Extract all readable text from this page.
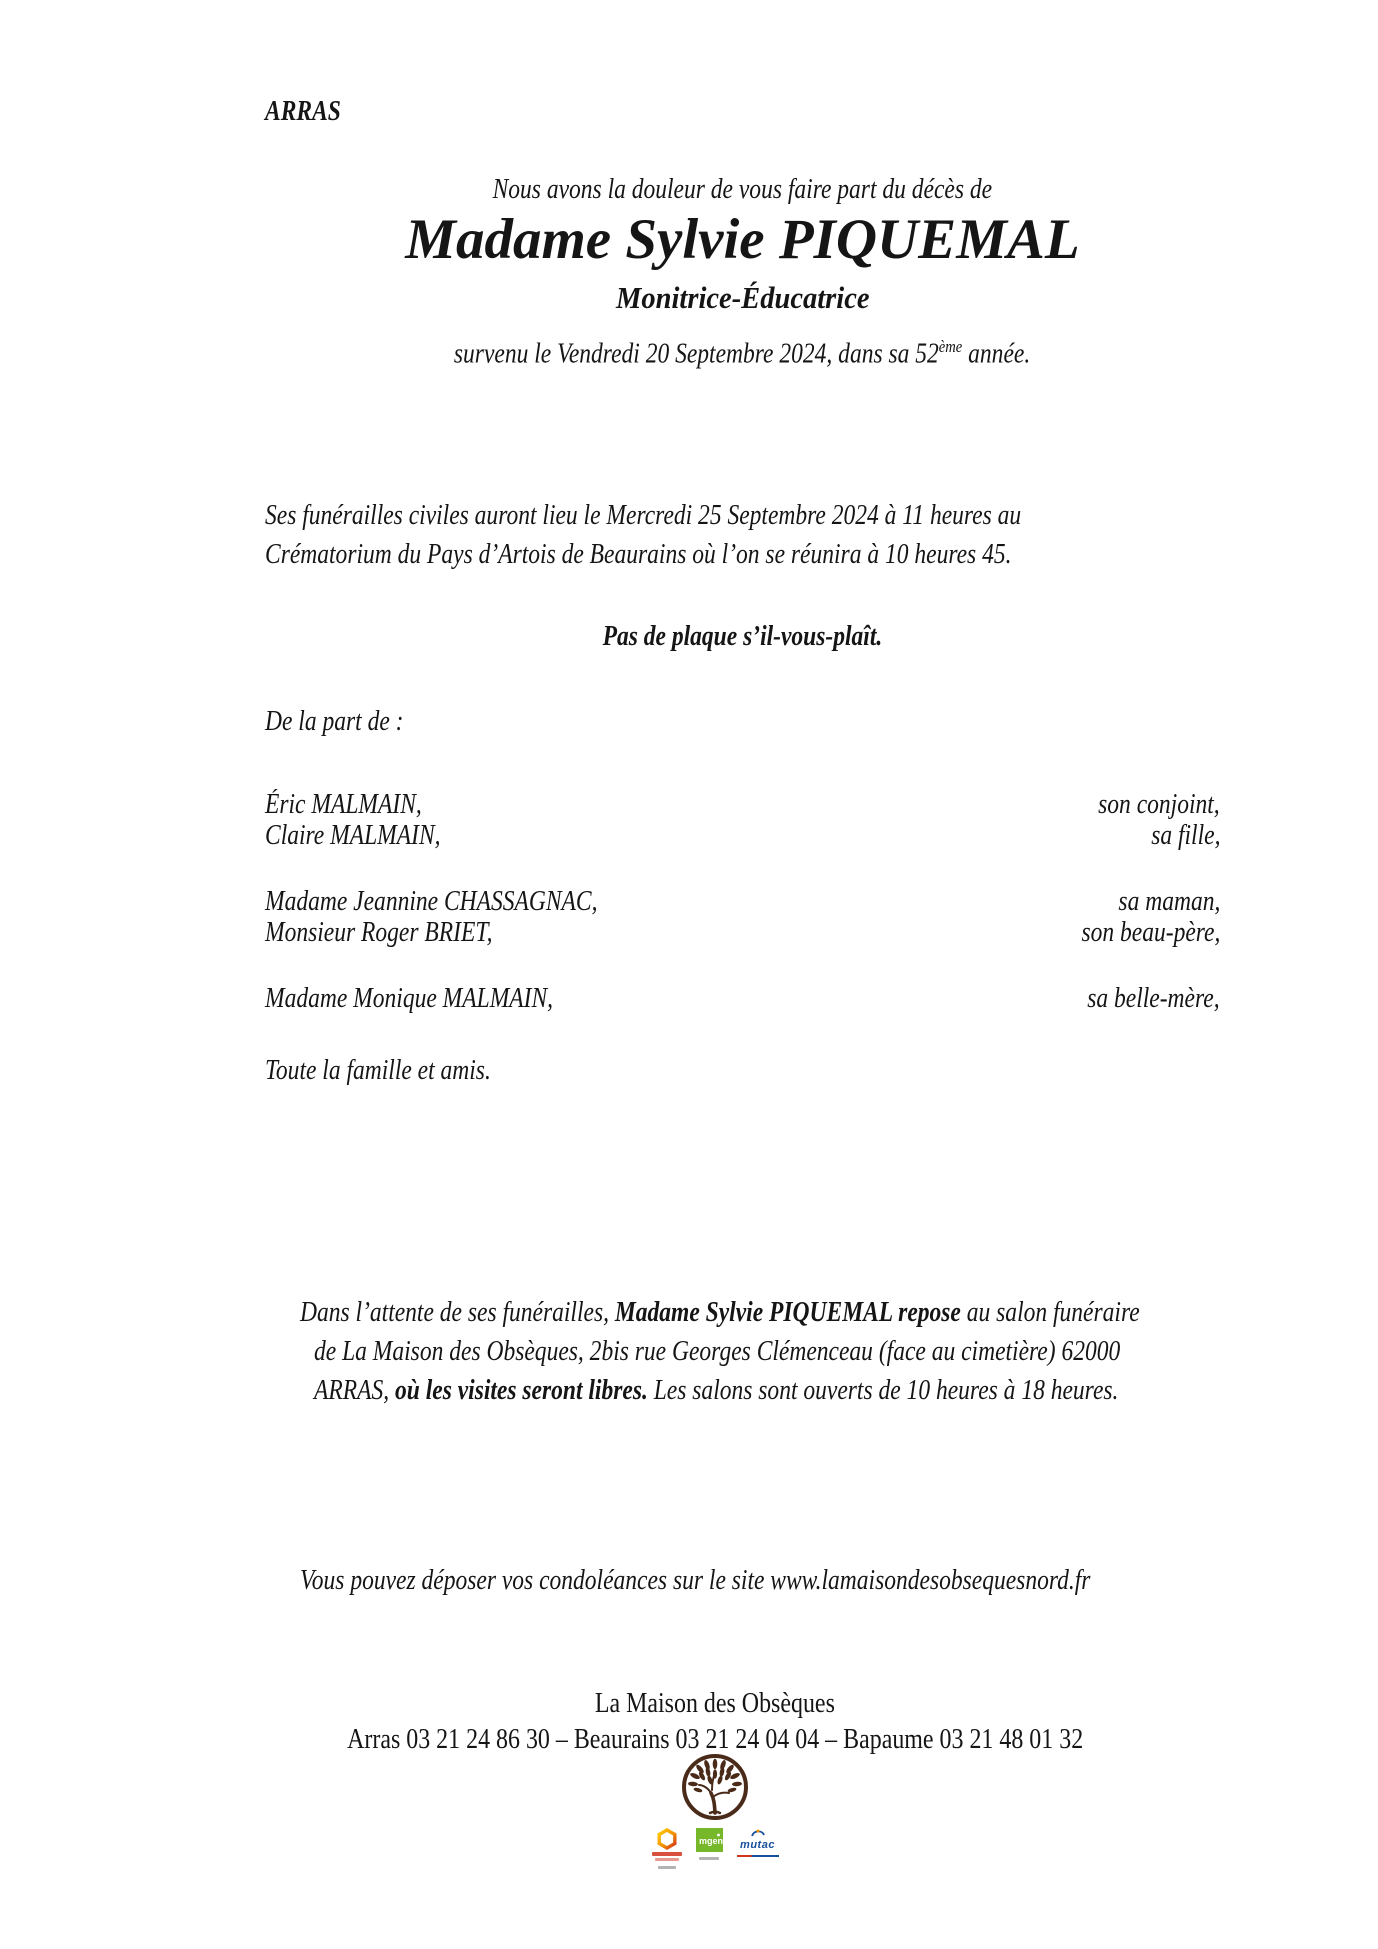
ARRAS
Nous avons la douleur de vous faire part du décès de
Madame Sylvie PIQUEMAL
Monitrice-Éducatrice
survenu le Vendredi 20 Septembre 2024, dans sa 52ème année.
Ses funérailles civiles auront lieu le Mercredi 25 Septembre 2024 à 11 heures au Crématorium du Pays d’Artois de Beaurains où l’on se réunira à 10 heures 45.
Pas de plaque s’il-vous-plaît.
De la part de :
Éric MALMAIN,	son conjoint,
Claire MALMAIN,	sa fille,
Madame Jeannine CHASSAGNAC,	sa maman,
Monsieur Roger BRIET,	son beau-père,
Madame Monique MALMAIN,	sa belle-mère,
Toute la famille et amis.
Dans l’attente de ses funérailles, Madame Sylvie PIQUEMAL repose au salon funéraire de La Maison des Obsèques, 2bis rue Georges Clémenceau (face au cimetière) 62000 ARRAS, où les visites seront libres. Les salons sont ouverts de 10 heures à 18 heures.
Vous pouvez déposer vos condoléances sur le site www.lamaisondesobsequesnord.fr
La Maison des Obsèques
Arras 03 21 24 86 30 – Beaurains 03 21 24 04 04 – Bapaume 03 21 48 01 32
mgen mutac
